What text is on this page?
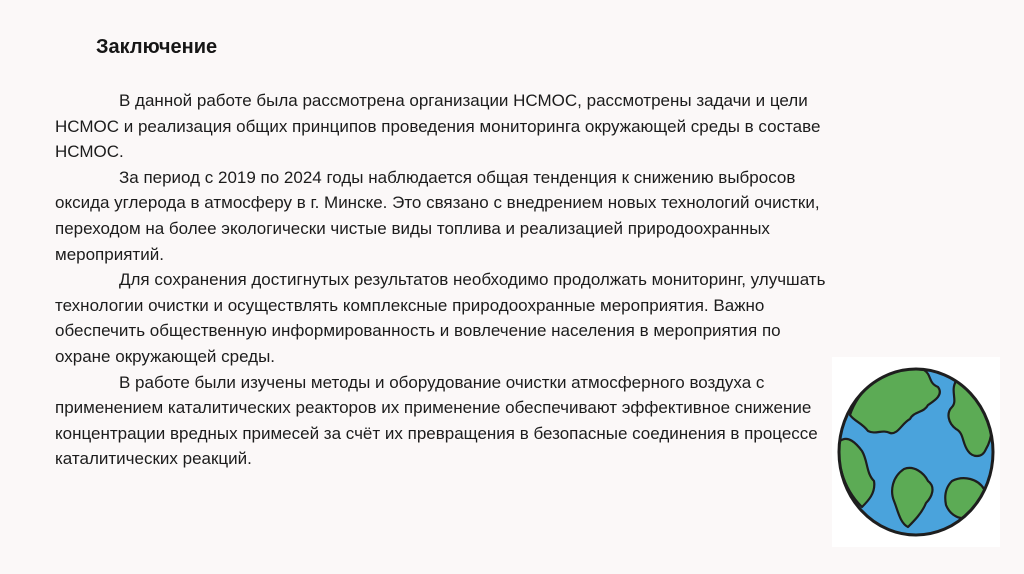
Заключение

В данной работе была рассмотрена организации НСМОС, рассмотрены задачи и цели НСМОС и реализация общих принципов проведения мониторинга окружающей среды в составе НСМОС.

За период с 2019 по 2024 годы наблюдается общая тенденция к снижению выбросов оксида углерода в атмосферу в г. Минске. Это связано с внедрением новых технологий очистки, переходом на более экологически чистые виды топлива и реализацией природоохранных мероприятий.

Для сохранения достигнутых результатов необходимо продолжать мониторинг, улучшать технологии очистки и осуществлять комплексные природоохранные мероприятия. Важно обеспечить общественную информированность и вовлечение населения в мероприятия по охране окружающей среды.

В работе были изучены методы и оборудование очистки атмосферного воздуха с применением каталитических реакторов их применение обеспечивают эффективное снижение концентрации вредных примесей за счёт их превращения в безопасные соединения в процессе каталитических реакций.
